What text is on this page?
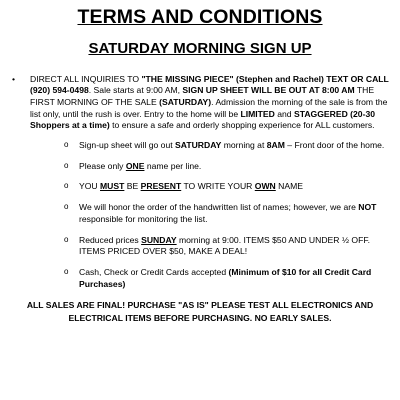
TERMS AND CONDITIONS
SATURDAY MORNING SIGN UP
• DIRECT ALL INQUIRIES TO "THE MISSING PIECE" (Stephen and Rachel) TEXT OR CALL (920) 594-0498. Sale starts at 9:00 AM, SIGN UP SHEET WILL BE OUT AT 8:00 AM THE FIRST MORNING OF THE SALE (SATURDAY). Admission the morning of the sale is from the list only, until the rush is over. Entry to the home will be LIMITED and STAGGERED (20-30 Shoppers at a time) to ensure a safe and orderly shopping experience for ALL customers.
o Sign-up sheet will go out SATURDAY morning at 8AM – Front door of the home.
o Please only ONE name per line.
o YOU MUST BE PRESENT TO WRITE YOUR OWN NAME
o We will honor the order of the handwritten list of names; however, we are NOT responsible for monitoring the list.
o Reduced prices SUNDAY morning at 9:00. ITEMS $50 AND UNDER ½ OFF. ITEMS PRICED OVER $50, MAKE A DEAL!
o Cash, Check or Credit Cards accepted (Minimum of $10 for all Credit Card Purchases)

ALL SALES ARE FINAL! PURCHASE "AS IS" PLEASE TEST ALL ELECTRONICS AND ELECTRICAL ITEMS BEFORE PURCHASING. NO EARLY SALES.
